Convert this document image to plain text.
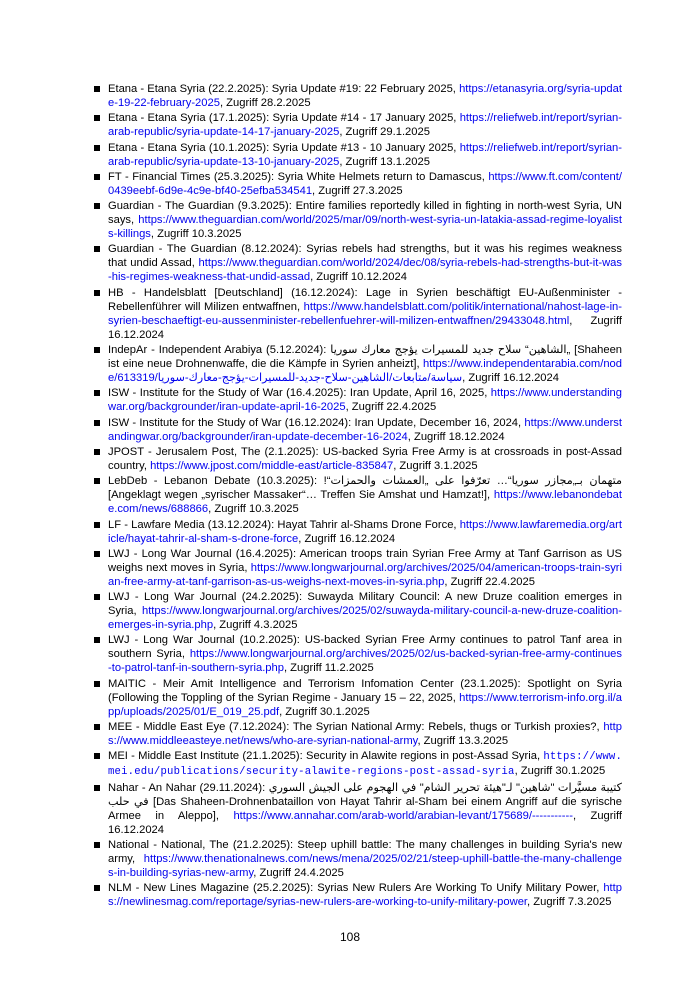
Etana - Etana Syria (22.2.2025): Syria Update #19: 22 February 2025, https://etanasyria.org/syria-update-19-22-february-2025, Zugriff 28.2.2025
Etana - Etana Syria (17.1.2025): Syria Update #14 - 17 January 2025, https://reliefweb.int/report/syrian-arab-republic/syria-update-14-17-january-2025, Zugriff 29.1.2025
Etana - Etana Syria (10.1.2025): Syria Update #13 - 10 January 2025, https://reliefweb.int/report/syrian-arab-republic/syria-update-13-10-january-2025, Zugriff 13.1.2025
FT - Financial Times (25.3.2025): Syria White Helmets return to Damascus, https://www.ft.com/content/0439eebf-6d9e-4c9e-bf40-25efba534541, Zugriff 27.3.2025
Guardian - The Guardian (9.3.2025): Entire families reportedly killed in fighting in north-west Syria, UN says, https://www.theguardian.com/world/2025/mar/09/north-west-syria-un-latakia-assad-regime-loyalists-killings, Zugriff 10.3.2025
Guardian - The Guardian (8.12.2024): Syrias rebels had strengths, but it was his regimes weakness that undid Assad, https://www.theguardian.com/world/2024/dec/08/syria-rebels-had-strengths-but-it-was-his-regimes-weakness-that-undid-assad, Zugriff 10.12.2024
HB - Handelsblatt [Deutschland] (16.12.2024): Lage in Syrien beschäftigt EU-Außenminister - Rebellenführer will Milizen entwaffnen, https://www.handelsblatt.com/politik/international/nahost-lage-in-syrien-beschaeftigt-eu-aussenminister-rebellenfuehrer-will-milizen-entwaffnen/29433048.html, Zugriff 16.12.2024
IndepAr - Independent Arabiya (5.12.2024): „الشاهين“ سلاح جديد للمسيرات يؤجج معارك سوريا [Shaheen ist eine neue Drohnenwaffe, die die Kämpfe in Syrien anheizt], https://www.independentarabia.com/node/613319/سياسة/متابعات/الشاهين-سلاح-جديد-للمسيرات-يؤجج-معارك-سوريا, Zugriff 16.12.2024
ISW - Institute for the Study of War (16.4.2025): Iran Update, April 16, 2025, https://www.understandingwar.org/backgrounder/iran-update-april-16-2025, Zugriff 22.4.2025
ISW - Institute for the Study of War (16.12.2024): Iran Update, December 16, 2024, https://www.understandingwar.org/backgrounder/iran-update-december-16-2024, Zugriff 18.12.2024
JPOST - Jerusalem Post, The (2.1.2025): US-backed Syria Free Army is at crossroads in post-Assad country, https://www.jpost.com/middle-east/article-835847, Zugriff 3.1.2025
LebDeb - Lebanon Debate (10.3.2025): متهمان بـ„مجازر سوريا“… تعرّفوا على „العمشات والحمزات“! [Angeklagt wegen „syrischer Massaker“… Treffen Sie Amshat und Hamzat!], https://www.lebanondebate.com/news/688866, Zugriff 10.3.2025
LF - Lawfare Media (13.12.2024): Hayat Tahrir al-Shams Drone Force, https://www.lawfaremedia.org/article/hayat-tahrir-al-sham-s-drone-force, Zugriff 16.12.2024
LWJ - Long War Journal (16.4.2025): American troops train Syrian Free Army at Tanf Garrison as US weighs next moves in Syria, https://www.longwarjournal.org/archives/2025/04/american-troops-train-syrian-free-army-at-tanf-garrison-as-us-weighs-next-moves-in-syria.php, Zugriff 22.4.2025
LWJ - Long War Journal (24.2.2025): Suwayda Military Council: A new Druze coalition emerges in Syria, https://www.longwarjournal.org/archives/2025/02/suwayda-military-council-a-new-druze-coalition-emerges-in-syria.php, Zugriff 4.3.2025
LWJ - Long War Journal (10.2.2025): US-backed Syrian Free Army continues to patrol Tanf area in southern Syria, https://www.longwarjournal.org/archives/2025/02/us-backed-syrian-free-army-continues-to-patrol-tanf-in-southern-syria.php, Zugriff 11.2.2025
MAITIC - Meir Amit Intelligence and Terrorism Infomation Center (23.1.2025): Spotlight on Syria (Following the Toppling of the Syrian Regime - January 15 – 22, 2025, https://www.terrorism-info.org.il/app/uploads/2025/01/E_019_25.pdf, Zugriff 30.1.2025
MEE - Middle East Eye (7.12.2024): The Syrian National Army: Rebels, thugs or Turkish proxies?, https://www.middleeasteye.net/news/who-are-syrian-national-army, Zugriff 13.3.2025
MEI - Middle East Institute (21.1.2025): Security in Alawite regions in post-Assad Syria, https://www.mei.edu/publications/security-alawite-regions-post-assad-syria, Zugriff 30.1.2025
Nahar - An Nahar (29.11.2024): كتيبة مسيَّرات "شاهين" لـ"هيئة تحرير الشام" في الهجوم على الجيش السوري في حلب [Das Shaheen-Drohnenbataillon von Hayat Tahrir al-Sham bei einem Angriff auf die syrische Armee in Aleppo], https://www.annahar.com/arab-world/arabian-levant/175689/-----------, Zugriff 16.12.2024
National - National, The (21.2.2025): Steep uphill battle: The many challenges in building Syria's new army, https://www.thenationalnews.com/news/mena/2025/02/21/steep-uphill-battle-the-many-challenges-in-building-syrias-new-army, Zugriff 24.4.2025
NLM - New Lines Magazine (25.2.2025): Syrias New Rulers Are Working To Unify Military Power, https://newlinesmag.com/reportage/syrias-new-rulers-are-working-to-unify-military-power, Zugriff 7.3.2025
108
